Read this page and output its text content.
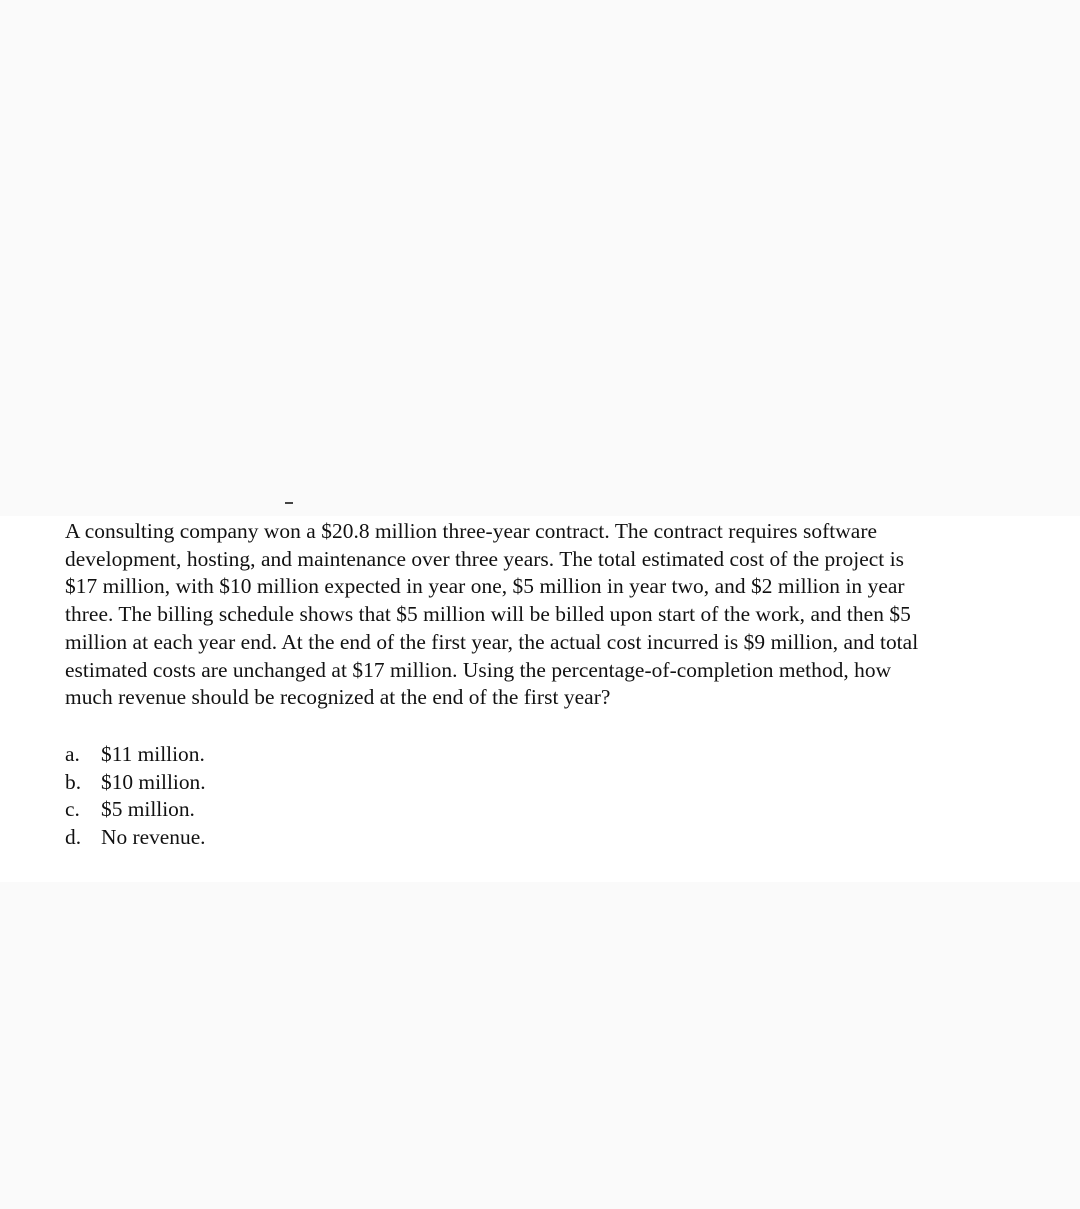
A consulting company won a $20.8 million three-year contract. The contract requires software
development, hosting, and maintenance over three years. The total estimated cost of the project is
$17 million, with $10 million expected in year one, $5 million in year two, and $2 million in year
three. The billing schedule shows that $5 million will be billed upon start of the work, and then $5
million at each year end. At the end of the first year, the actual cost incurred is $9 million, and total
estimated costs are unchanged at $17 million. Using the percentage-of-completion method, how
much revenue should be recognized at the end of the first year?

a. $11 million.
b. $10 million.
c. $5 million.
d. No revenue.
